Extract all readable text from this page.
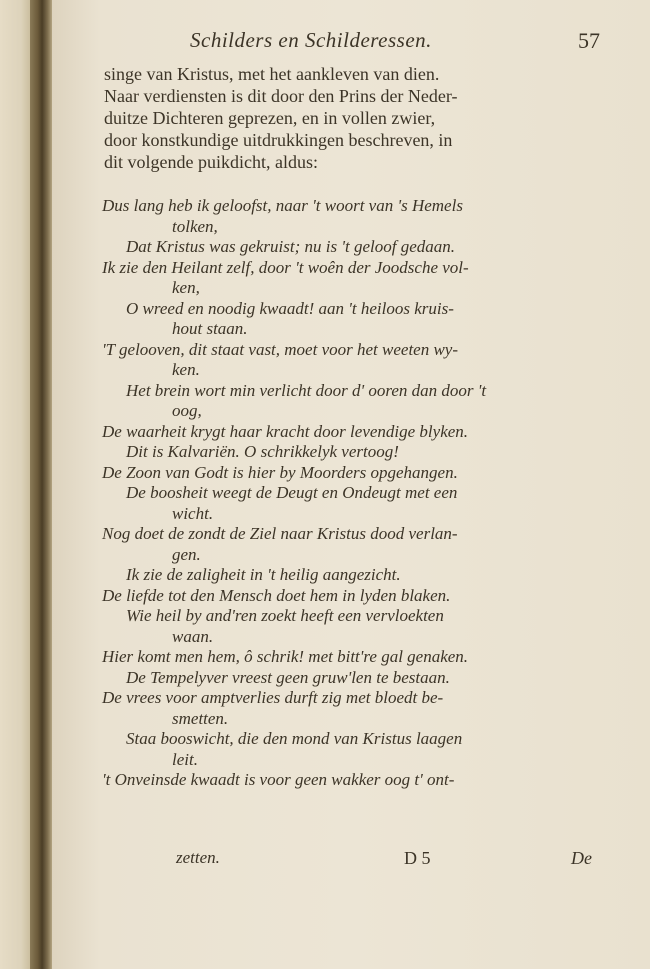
Schilders en Schilderessen.	57
singe van Kristus, met het aankleven van dien.
Naar verdiensten is dit door den Prins der Neder-
duitze Dichteren geprezen, en in vollen zwier,
door konstkundige uitdrukkingen beschreven, in
dit volgende puikdicht, aldus:
Dus lang heb ik geloofst, naar 't woort van 's Hemels
tolken,
Dat Kristus was gekruist; nu is 't geloof gedaan.
Ik zie den Heilant zelf, door 't woên der Joodsche vol-
ken,
O wreed en noodig kwaadt! aan 't heiloos kruis-
hout staan.
'T gelooven, dit staat vast, moet voor het weeten wy-
ken.
Het brein wort min verlicht door d' ooren dan door 't
oog,
De waarheit krygt haar kracht door levendige blyken.
Dit is Kalvariën. O schrikkelyk vertoog!
De Zoon van Godt is hier by Moorders opgehangen.
De boosheit weegt de Deugt en Ondeugt met een
wicht.
Nog doet de zondt de Ziel naar Kristus dood verlan-
gen.
Ik zie de zaligheit in 't heilig aangezicht.
De liefde tot den Mensch doet hem in lyden blaken.
Wie heil by and'ren zoekt heeft een vervloekten
waan.
Hier komt men hem, ô schrik! met bitt're gal genaken.
De Tempelyver vreest geen gruw'len te bestaan.
De vrees voor amptverlies durft zig met bloedt be-
smetten.
Staa booswicht, die den mond van Kristus laagen
leit.
't Onveinsde kwaadt is voor geen wakker oog t' ont-
zetten.	D 5	De
